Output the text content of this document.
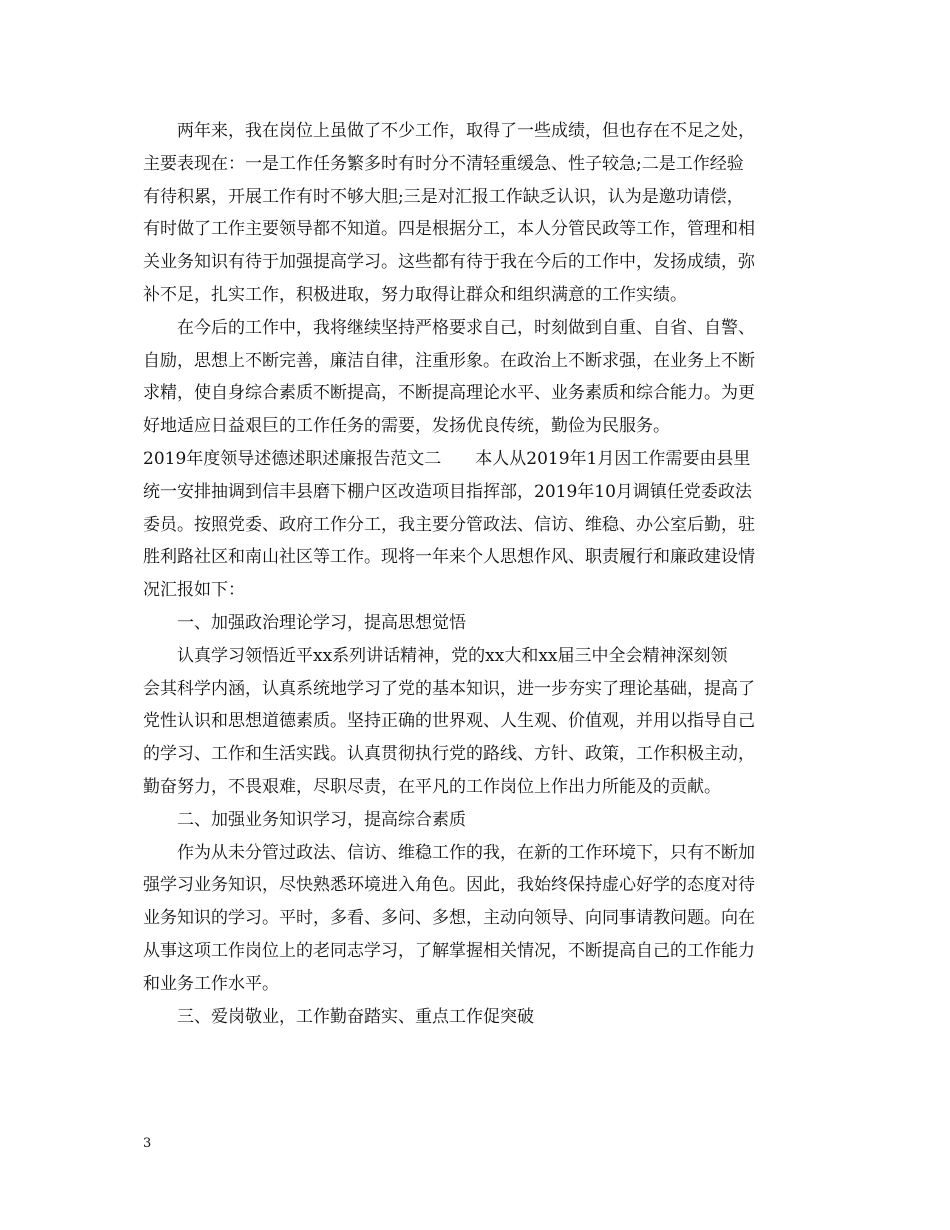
两年来，我在岗位上虽做了不少工作，取得了一些成绩，但也存在不足之处，
主要表现在：一是工作任务繁多时有时分不清轻重缓急、性子较急;二是工作经验
有待积累，开展工作有时不够大胆;三是对汇报工作缺乏认识，认为是邀功请偿，
有时做了工作主要领导都不知道。四是根据分工，本人分管民政等工作，管理和相
关业务知识有待于加强提高学习。这些都有待于我在今后的工作中，发扬成绩，弥
补不足，扎实工作，积极进取，努力取得让群众和组织满意的工作实绩。
在今后的工作中，我将继续坚持严格要求自己，时刻做到自重、自省、自警、
自励，思想上不断完善，廉洁自律，注重形象。在政治上不断求强，在业务上不断
求精，使自身综合素质不断提高，不断提高理论水平、业务素质和综合能力。为更
好地适应日益艰巨的工作任务的需要，发扬优良传统，勤俭为民服务。
2019年度领导述德述职述廉报告范文二　　本人从2019年1月因工作需要由县里
统一安排抽调到信丰县磨下棚户区改造项目指挥部，2019年10月调镇任党委政法
委员。按照党委、政府工作分工，我主要分管政法、信访、维稳、办公室后勤，驻
胜利路社区和南山社区等工作。现将一年来个人思想作风、职责履行和廉政建设情
况汇报如下：
一、加强政治理论学习，提高思想觉悟
认真学习领悟近平xx系列讲话精神，党的xx大和xx届三中全会精神深刻领
会其科学内涵，认真系统地学习了党的基本知识，进一步夯实了理论基础，提高了
党性认识和思想道德素质。坚持正确的世界观、人生观、价值观，并用以指导自己
的学习、工作和生活实践。认真贯彻执行党的路线、方针、政策，工作积极主动，
勤奋努力，不畏艰难，尽职尽责，在平凡的工作岗位上作出力所能及的贡献。
二、加强业务知识学习，提高综合素质
作为从未分管过政法、信访、维稳工作的我，在新的工作环境下，只有不断加
强学习业务知识，尽快熟悉环境进入角色。因此，我始终保持虚心好学的态度对待
业务知识的学习。平时，多看、多问、多想，主动向领导、向同事请教问题。向在
从事这项工作岗位上的老同志学习，了解掌握相关情况，不断提高自己的工作能力
和业务工作水平。
三、爱岗敬业，工作勤奋踏实、重点工作促突破
3
